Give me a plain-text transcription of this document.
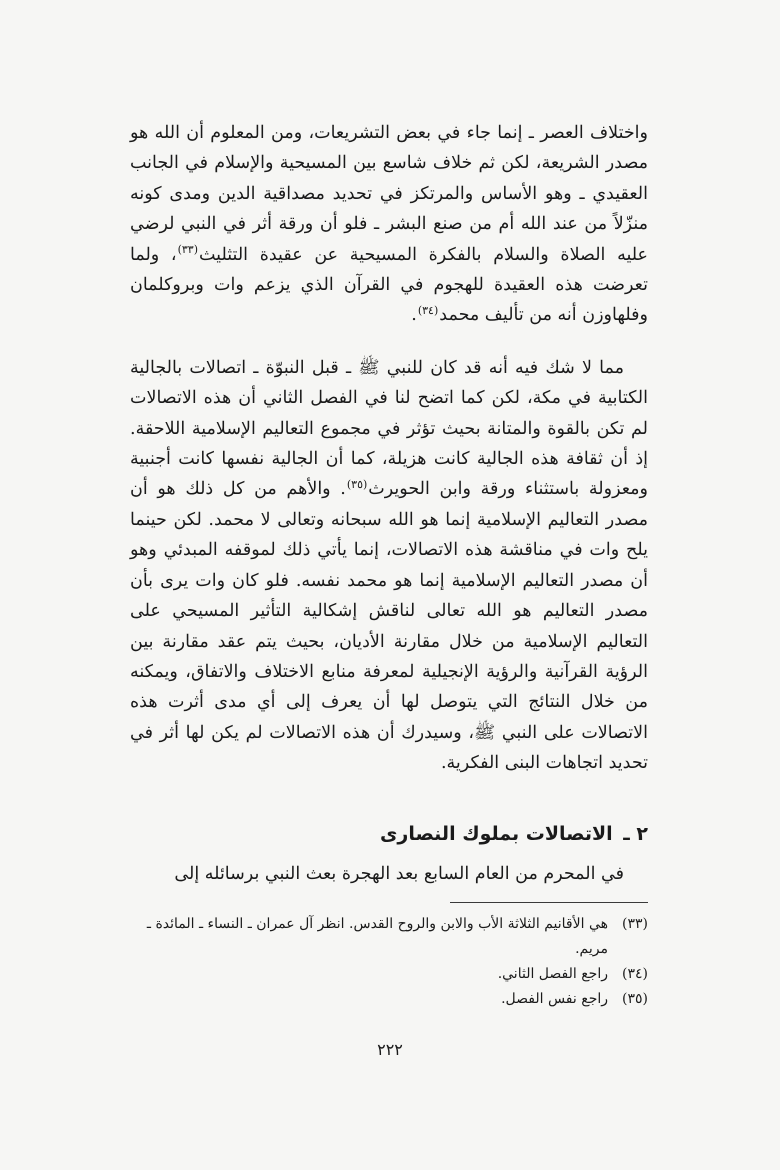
واختلاف العصر ـ إنما جاء في بعض التشريعات، ومن المعلوم أن الله هو مصدر الشريعة، لكن ثم خلاف شاسع بين المسيحية والإسلام في الجانب العقيدي ـ وهو الأساس والمرتكز في تحديد مصداقية الدين ومدى كونه منزّلاً من عند الله أم من صنع البشر ـ فلو أن ورقة أثر في النبي لرضي عليه الصلاة والسلام بالفكرة المسيحية عن عقيدة التثليث$^{(٣٣)}$، ولما تعرضت هذه العقيدة للهجوم في القرآن الذي يزعم وات وبروكلمان وفلهاوزن أنه من تأليف محمد$^{(٣٤)}$.

مما لا شك فيه أنه قد كان للنبي ﷺ ـ قبل النبوّة ـ اتصالات بالجالية الكتابية في مكة، لكن كما اتضح لنا في الفصل الثاني أن هذه الاتصالات لم تكن بالقوة والمتانة بحيث تؤثر في مجموع التعاليم الإسلامية اللاحقة. إذ أن ثقافة هذه الجالية كانت هزيلة، كما أن الجالية نفسها كانت أجنبية ومعزولة باستثناء ورقة وابن الحويرث$^{(٣٥)}$. والأهم من كل ذلك هو أن مصدر التعاليم الإسلامية إنما هو الله سبحانه وتعالى لا محمد. لكن حينما يلح وات في مناقشة هذه الاتصالات، إنما يأتي ذلك لموقفه المبدئي وهو أن مصدر التعاليم الإسلامية إنما هو محمد نفسه. فلو كان وات يرى بأن مصدر التعاليم هو الله تعالى لناقش إشكالية التأثير المسيحي على التعاليم الإسلامية من خلال مقارنة الأديان، بحيث يتم عقد مقارنة بين الرؤية القرآنية والرؤية الإنجيلية لمعرفة منابع الاختلاف والاتفاق، ويمكنه من خلال النتائج التي يتوصل لها أن يعرف إلى أي مدى أثرت هذه الاتصالات على النبي ﷺ، وسيدرك أن هذه الاتصالات لم يكن لها أثر في تحديد اتجاهات البنى الفكرية.

٢ ـ الاتصالات بملوك النصارى

في المحرم من العام السابع بعد الهجرة بعث النبي برسائله إلى

(٣٣)
هي الأقانيم الثلاثة الأب والابن والروح القدس. انظر آل عمران ـ النساء ـ المائدة ـ مريم.

(٣٤)
راجع الفصل الثاني.

(٣٥)
راجع نفس الفصل.

٢٢٢
